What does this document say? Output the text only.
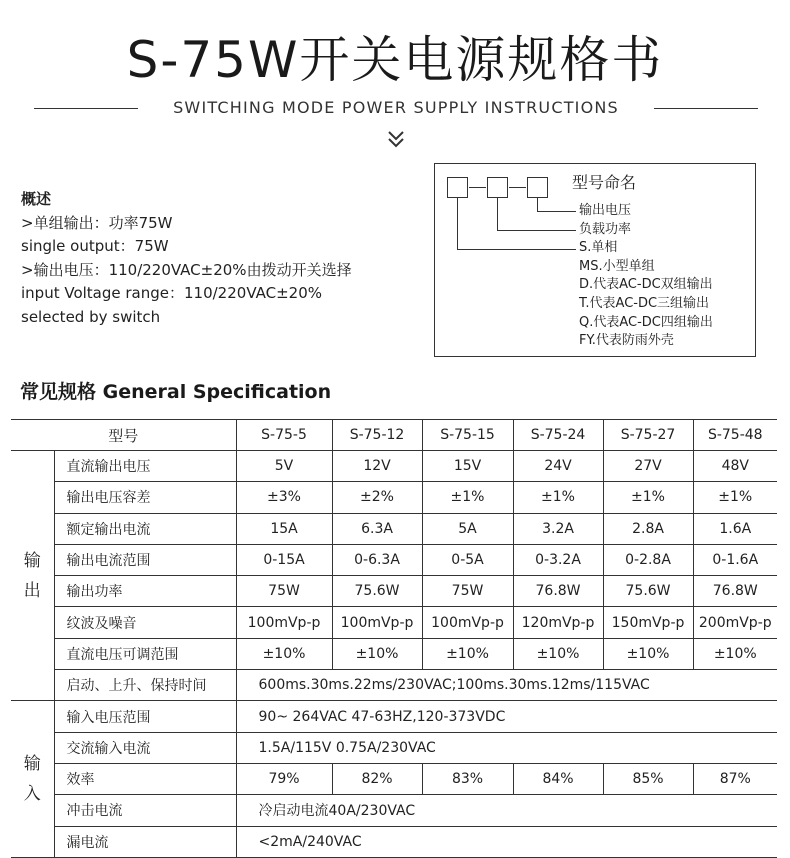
S-75W开关电源规格书
SWITCHING MODE POWER SUPPLY INSTRUCTIONS
概述
>单组输出：功率75W
single output：75W
>输出电压：110/220VAC±20%由拨动开关选择
input Voltage range：110/220VAC±20%
selected by switch
型号命名
输出电压
负载功率
S.单相
MS.小型单组
D.代表AC-DC双组输出
T.代表AC-DC三组输出
Q.代表AC-DC四组输出
FY.代表防雨外壳
常见规格 General Specification
型号		S-75-5	S-75-12	S-75-15	S-75-24	S-75-27	S-75-48
输
出	直流输出电压	5V	12V	15V	24V	27V	48V
	输出电压容差	±3%	±2%	±1%	±1%	±1%	±1%
	额定输出电流	15A	6.3A	5A	3.2A	2.8A	1.6A
	输出电流范围	0-15A	0-6.3A	0-5A	0-3.2A	0-2.8A	0-1.6A
	输出功率	75W	75.6W	75W	76.8W	75.6W	76.8W
	纹波及噪音	100mVp-p	100mVp-p	100mVp-p	120mVp-p	150mVp-p	200mVp-p
	直流电压可调范围	±10%	±10%	±10%	±10%	±10%	±10%
	启动、上升、保持时间	600ms.30ms.22ms/230VAC;100ms.30ms.12ms/115VAC					
输
入	输入电压范围	90~ 264VAC 47-63HZ,120-373VDC					
	交流输入电流	1.5A/115V 0.75A/230VAC					
	效率	79%	82%	83%	84%	85%	87%
	冲击电流	冷启动电流40A/230VAC					
	漏电流	<2mA/240VAC					
